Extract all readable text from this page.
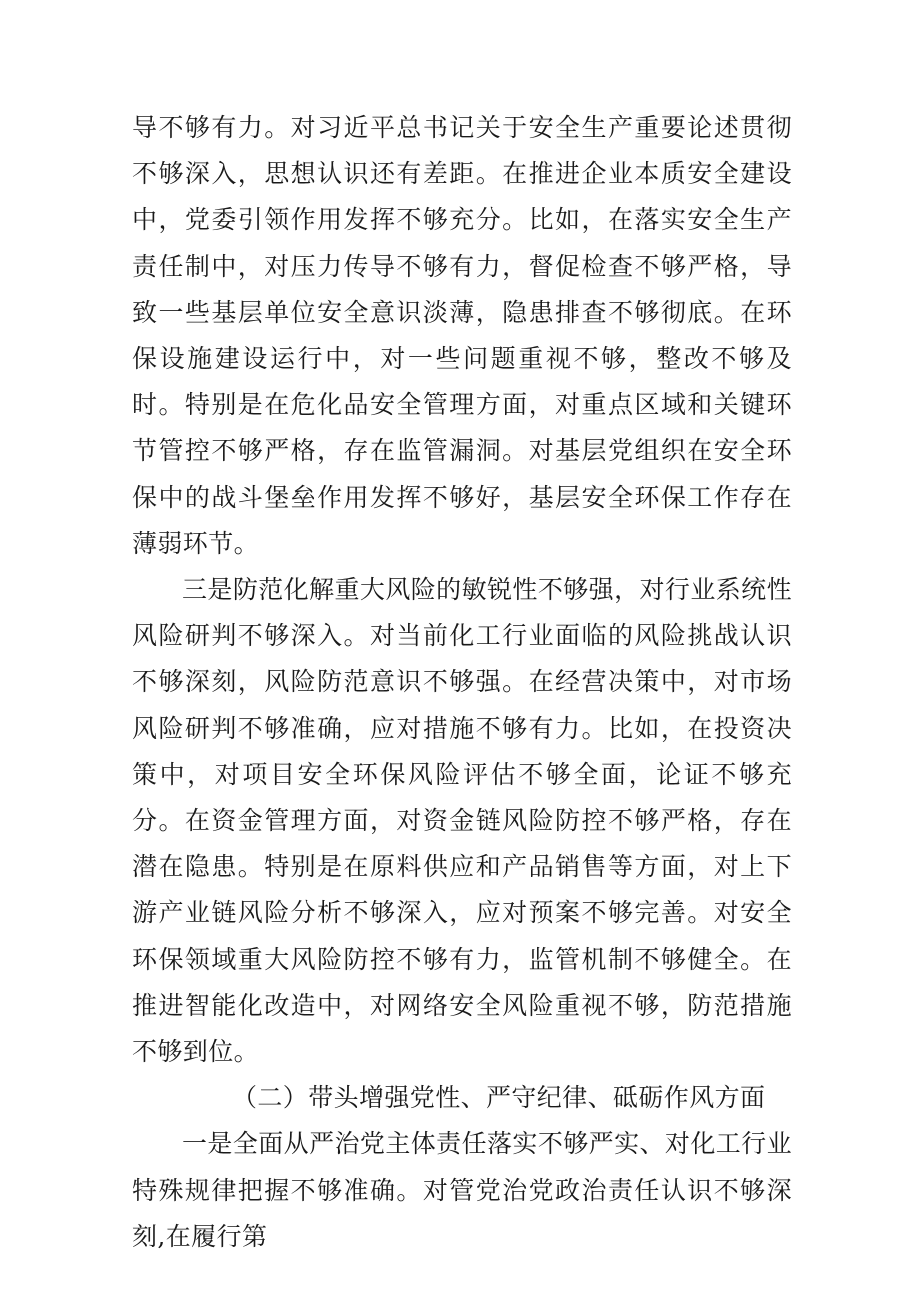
导不够有力。对习近平总书记关于安全生产重要论述贯彻不够深入，思想认识还有差距。在推进企业本质安全建设中，党委引领作用发挥不够充分。比如，在落实安全生产责任制中，对压力传导不够有力，督促检查不够严格，导致一些基层单位安全意识淡薄，隐患排查不够彻底。在环保设施建设运行中，对一些问题重视不够，整改不够及时。特别是在危化品安全管理方面，对重点区域和关键环节管控不够严格，存在监管漏洞。对基层党组织在安全环保中的战斗堡垒作用发挥不够好，基层安全环保工作存在薄弱环节。

三是防范化解重大风险的敏锐性不够强，对行业系统性风险研判不够深入。对当前化工行业面临的风险挑战认识不够深刻，风险防范意识不够强。在经营决策中，对市场风险研判不够准确，应对措施不够有力。比如，在投资决策中，对项目安全环保风险评估不够全面，论证不够充分。在资金管理方面，对资金链风险防控不够严格，存在潜在隐患。特别是在原料供应和产品销售等方面，对上下游产业链风险分析不够深入，应对预案不够完善。对安全环保领域重大风险防控不够有力，监管机制不够健全。在推进智能化改造中，对网络安全风险重视不够，防范措施不够到位。

（二）带头增强党性、严守纪律、砥砺作风方面

一是全面从严治党主体责任落实不够严实、对化工行业特殊规律把握不够准确。对管党治党政治责任认识不够深刻,在履行第
